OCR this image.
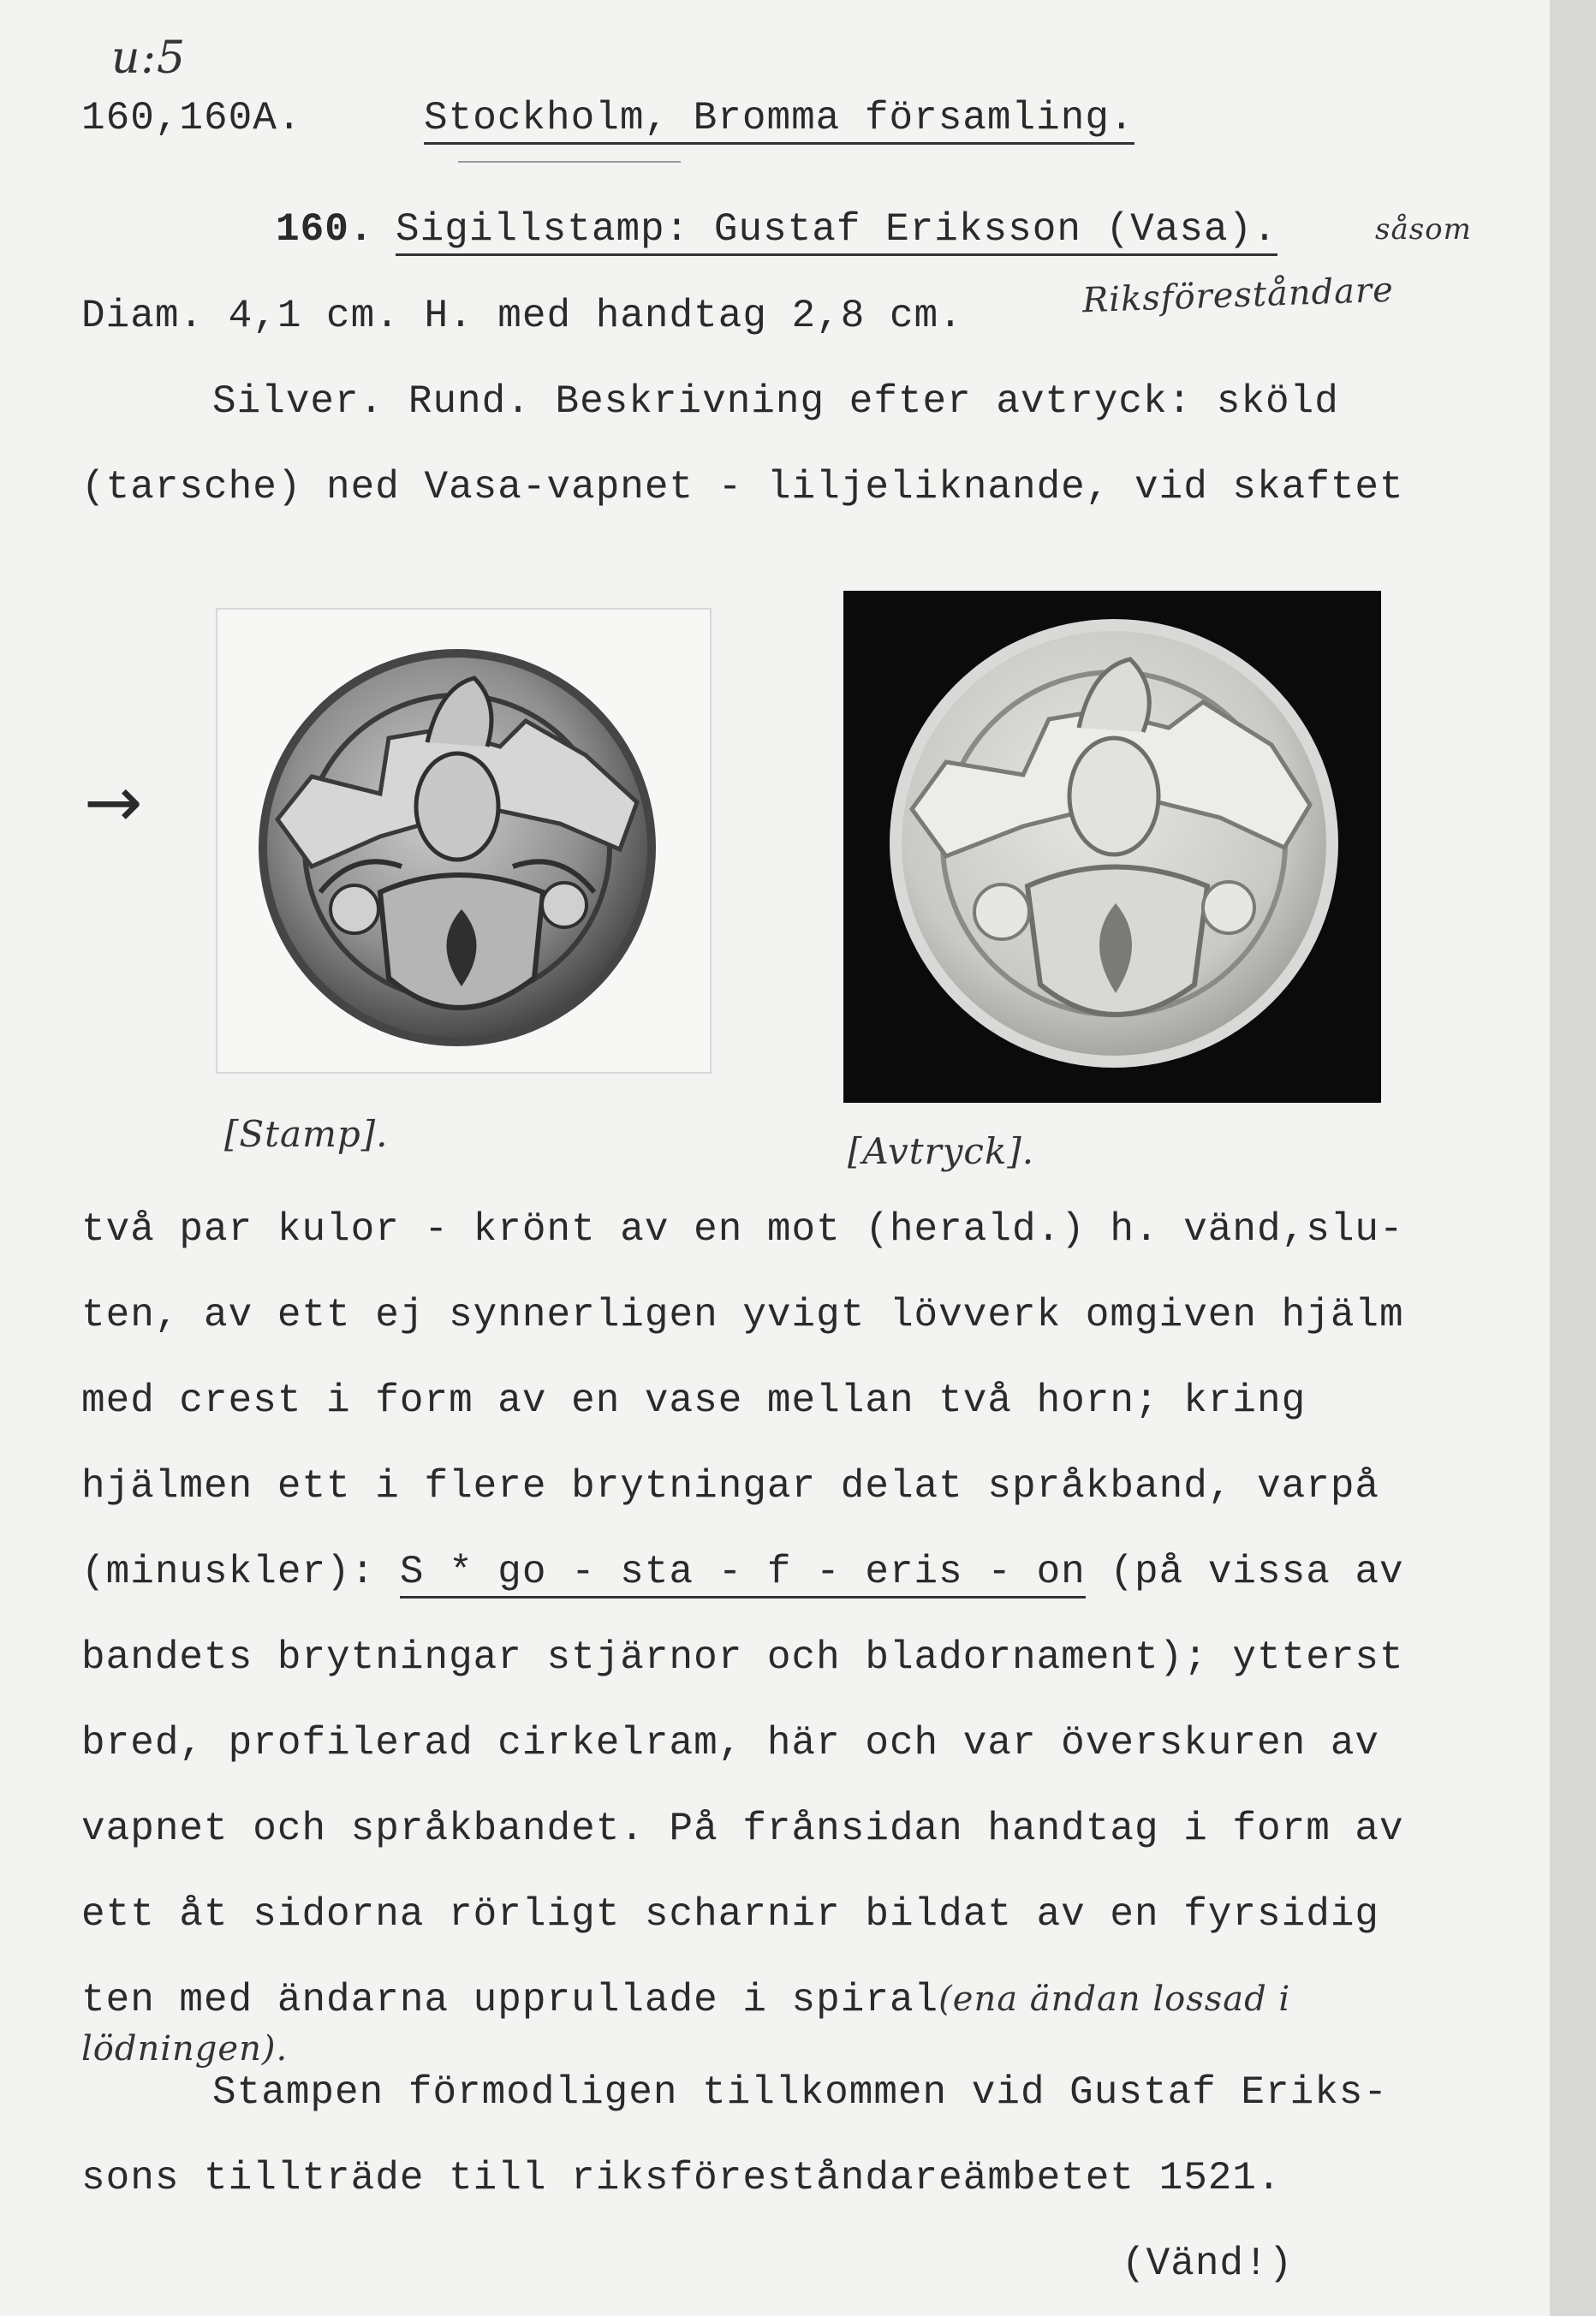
u:5
160,160A.	Stockholm, Bromma församling.
160. Sigillstamp: Gustaf Eriksson (Vasa).	såsom
Diam. 4,1 cm. H. med handtag 2,8 cm.	Riksföreståndare
Silver. Rund. Beskrivning efter avtryck: sköld
(tarsche) ned Vasa-vapnet - liljeliknande, vid skaftet
→
[Stamp].	[Avtryck].
två par kulor - krönt av en mot (herald.) h. vänd,slu-
ten, av ett ej synnerligen yvigt lövverk omgiven hjälm
med crest i form av en vase mellan två horn; kring
hjälmen ett i flere brytningar delat språkband, varpå
(minuskler): S * go - sta - f - eris - on (på vissa av
bandets brytningar stjärnor och bladornament); ytterst
bred, profilerad cirkelram, här och var överskuren av
vapnet och språkbandet. På frånsidan handtag i form av
ett åt sidorna rörligt scharnir bildat av en fyrsidig
ten med ändarna upprullade i spiral(ena ändan lossad i
lödningen).
Stampen förmodligen tillkommen vid Gustaf Eriks-
sons tillträde till riksföreståndareämbetet 1521.
(Vänd!)
